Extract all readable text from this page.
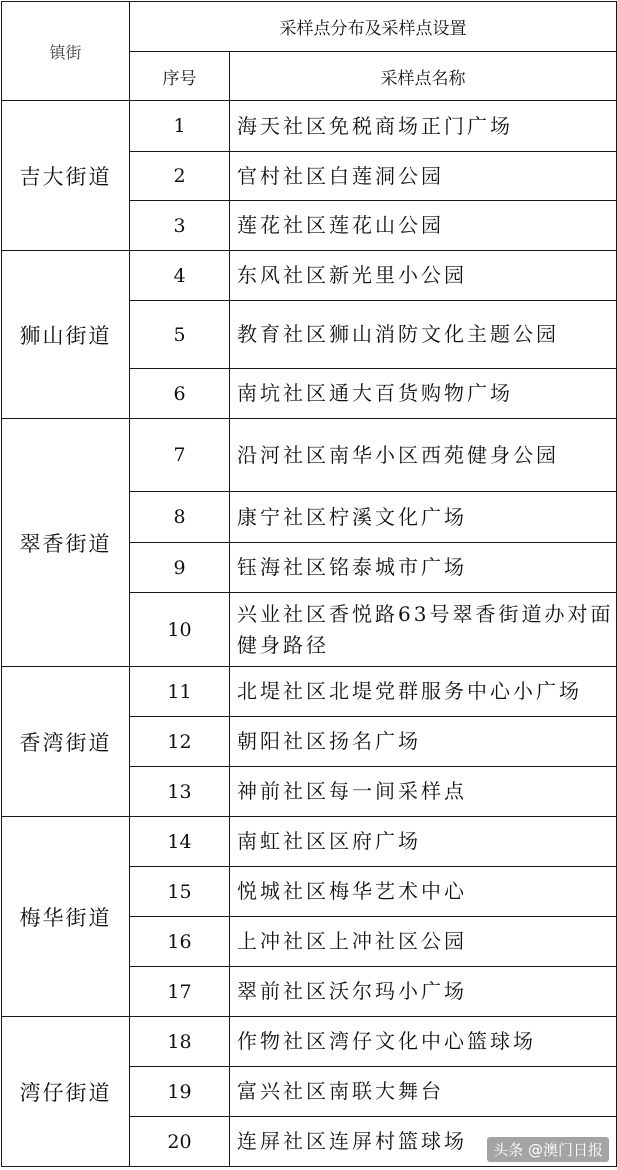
镇街	采样点分布及采样点设置	
	序号	采样点名称
吉大街道	1	海天社区免税商场正门广场
	2	官村社区白莲洞公园
	3	莲花社区莲花山公园
狮山街道	4	东风社区新光里小公园
	5	教育社区狮山消防文化主题公园
	6	南坑社区通大百货购物广场
翠香街道	7	沿河社区南华小区西苑健身公园
	8	康宁社区柠溪文化广场
	9	钰海社区铭泰城市广场
	10	兴业社区香悦路63号翠香街道办对面健身路径
香湾街道	11	北堤社区北堤党群服务中心小广场
	12	朝阳社区扬名广场
	13	神前社区每一间采样点
梅华街道	14	南虹社区区府广场
	15	悦城社区梅华艺术中心
	16	上冲社区上冲社区公园
	17	翠前社区沃尔玛小广场
湾仔街道	18	作物社区湾仔文化中心篮球场
	19	富兴社区南联大舞台
	20	连屏社区连屏村篮球场	头条 @澳门日报
